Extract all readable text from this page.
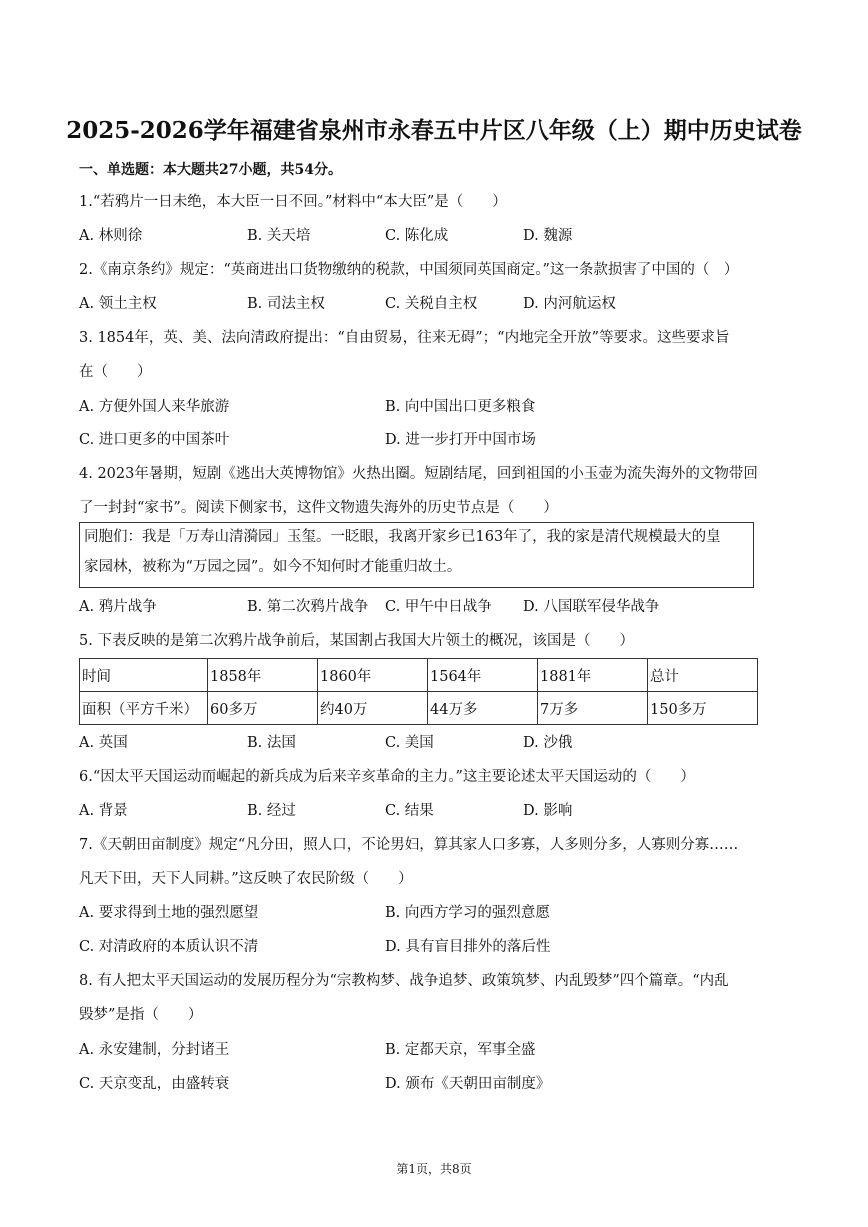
2025-2026学年福建省泉州市永春五中片区八年级（上）期中历史试卷
一、单选题：本大题共27小题，共54分。
1.“若鸦片一日未绝，本大臣一日不回。”材料中“本大臣”是（　　）
A. 林则徐	B. 关天培	C. 陈化成	D. 魏源
2.《南京条约》规定：“英商进出口货物缴纳的税款，中国须同英国商定。”这一条款损害了中国的（　）
A. 领土主权	B. 司法主权	C. 关税自主权	D. 内河航运权
3. 1854年，英、美、法向清政府提出：“自由贸易，往来无碍”；“内地完全开放”等要求。这些要求旨
在（　　）
A. 方便外国人来华旅游	B. 向中国出口更多粮食
C. 进口更多的中国茶叶	D. 进一步打开中国市场
4. 2023年暑期，短剧《逃出大英博物馆》火热出圈。短剧结尾，回到祖国的小玉壶为流失海外的文物带回
了一封封“家书”。阅读下侧家书，这件文物遗失海外的历史节点是（　　）
同胞们：我是「万寿山清漪园」玉玺。一眨眼，我离开家乡已163年了，我的家是清代规模最大的皇
家园林，被称为“万园之园”。如今不知何时才能重归故土。
A. 鸦片战争	B. 第二次鸦片战争 C. 甲午中日战争 D. 八国联军侵华战争
5. 下表反映的是第二次鸦片战争前后，某国割占我国大片领土的概况，该国是（　　）
时间	1858年	1860年	1564年	1881年	总计
面积（平方千米）	60多万	约40万	44万多	7万多	150多万
A. 英国	B. 法国	C. 美国	D. 沙俄
6.“因太平天国运动而崛起的新兵成为后来辛亥革命的主力。”这主要论述太平天国运动的（　　）
A. 背景	B. 经过	C. 结果	D. 影响
7.《天朝田亩制度》规定“凡分田，照人口，不论男妇，算其家人口多寡，人多则分多，人寡则分寡……
凡天下田，天下人同耕。”这反映了农民阶级（　　）
A. 要求得到土地的强烈愿望	B. 向西方学习的强烈意愿
C. 对清政府的本质认识不清	D. 具有盲目排外的落后性
8. 有人把太平天国运动的发展历程分为“宗教构梦、战争追梦、政策筑梦、内乱毁梦”四个篇章。“内乱
毁梦”是指（　　）
A. 永安建制，分封诸王	B. 定都天京，军事全盛
C. 天京变乱，由盛转衰	D. 颁布《天朝田亩制度》
第1页，共8页
